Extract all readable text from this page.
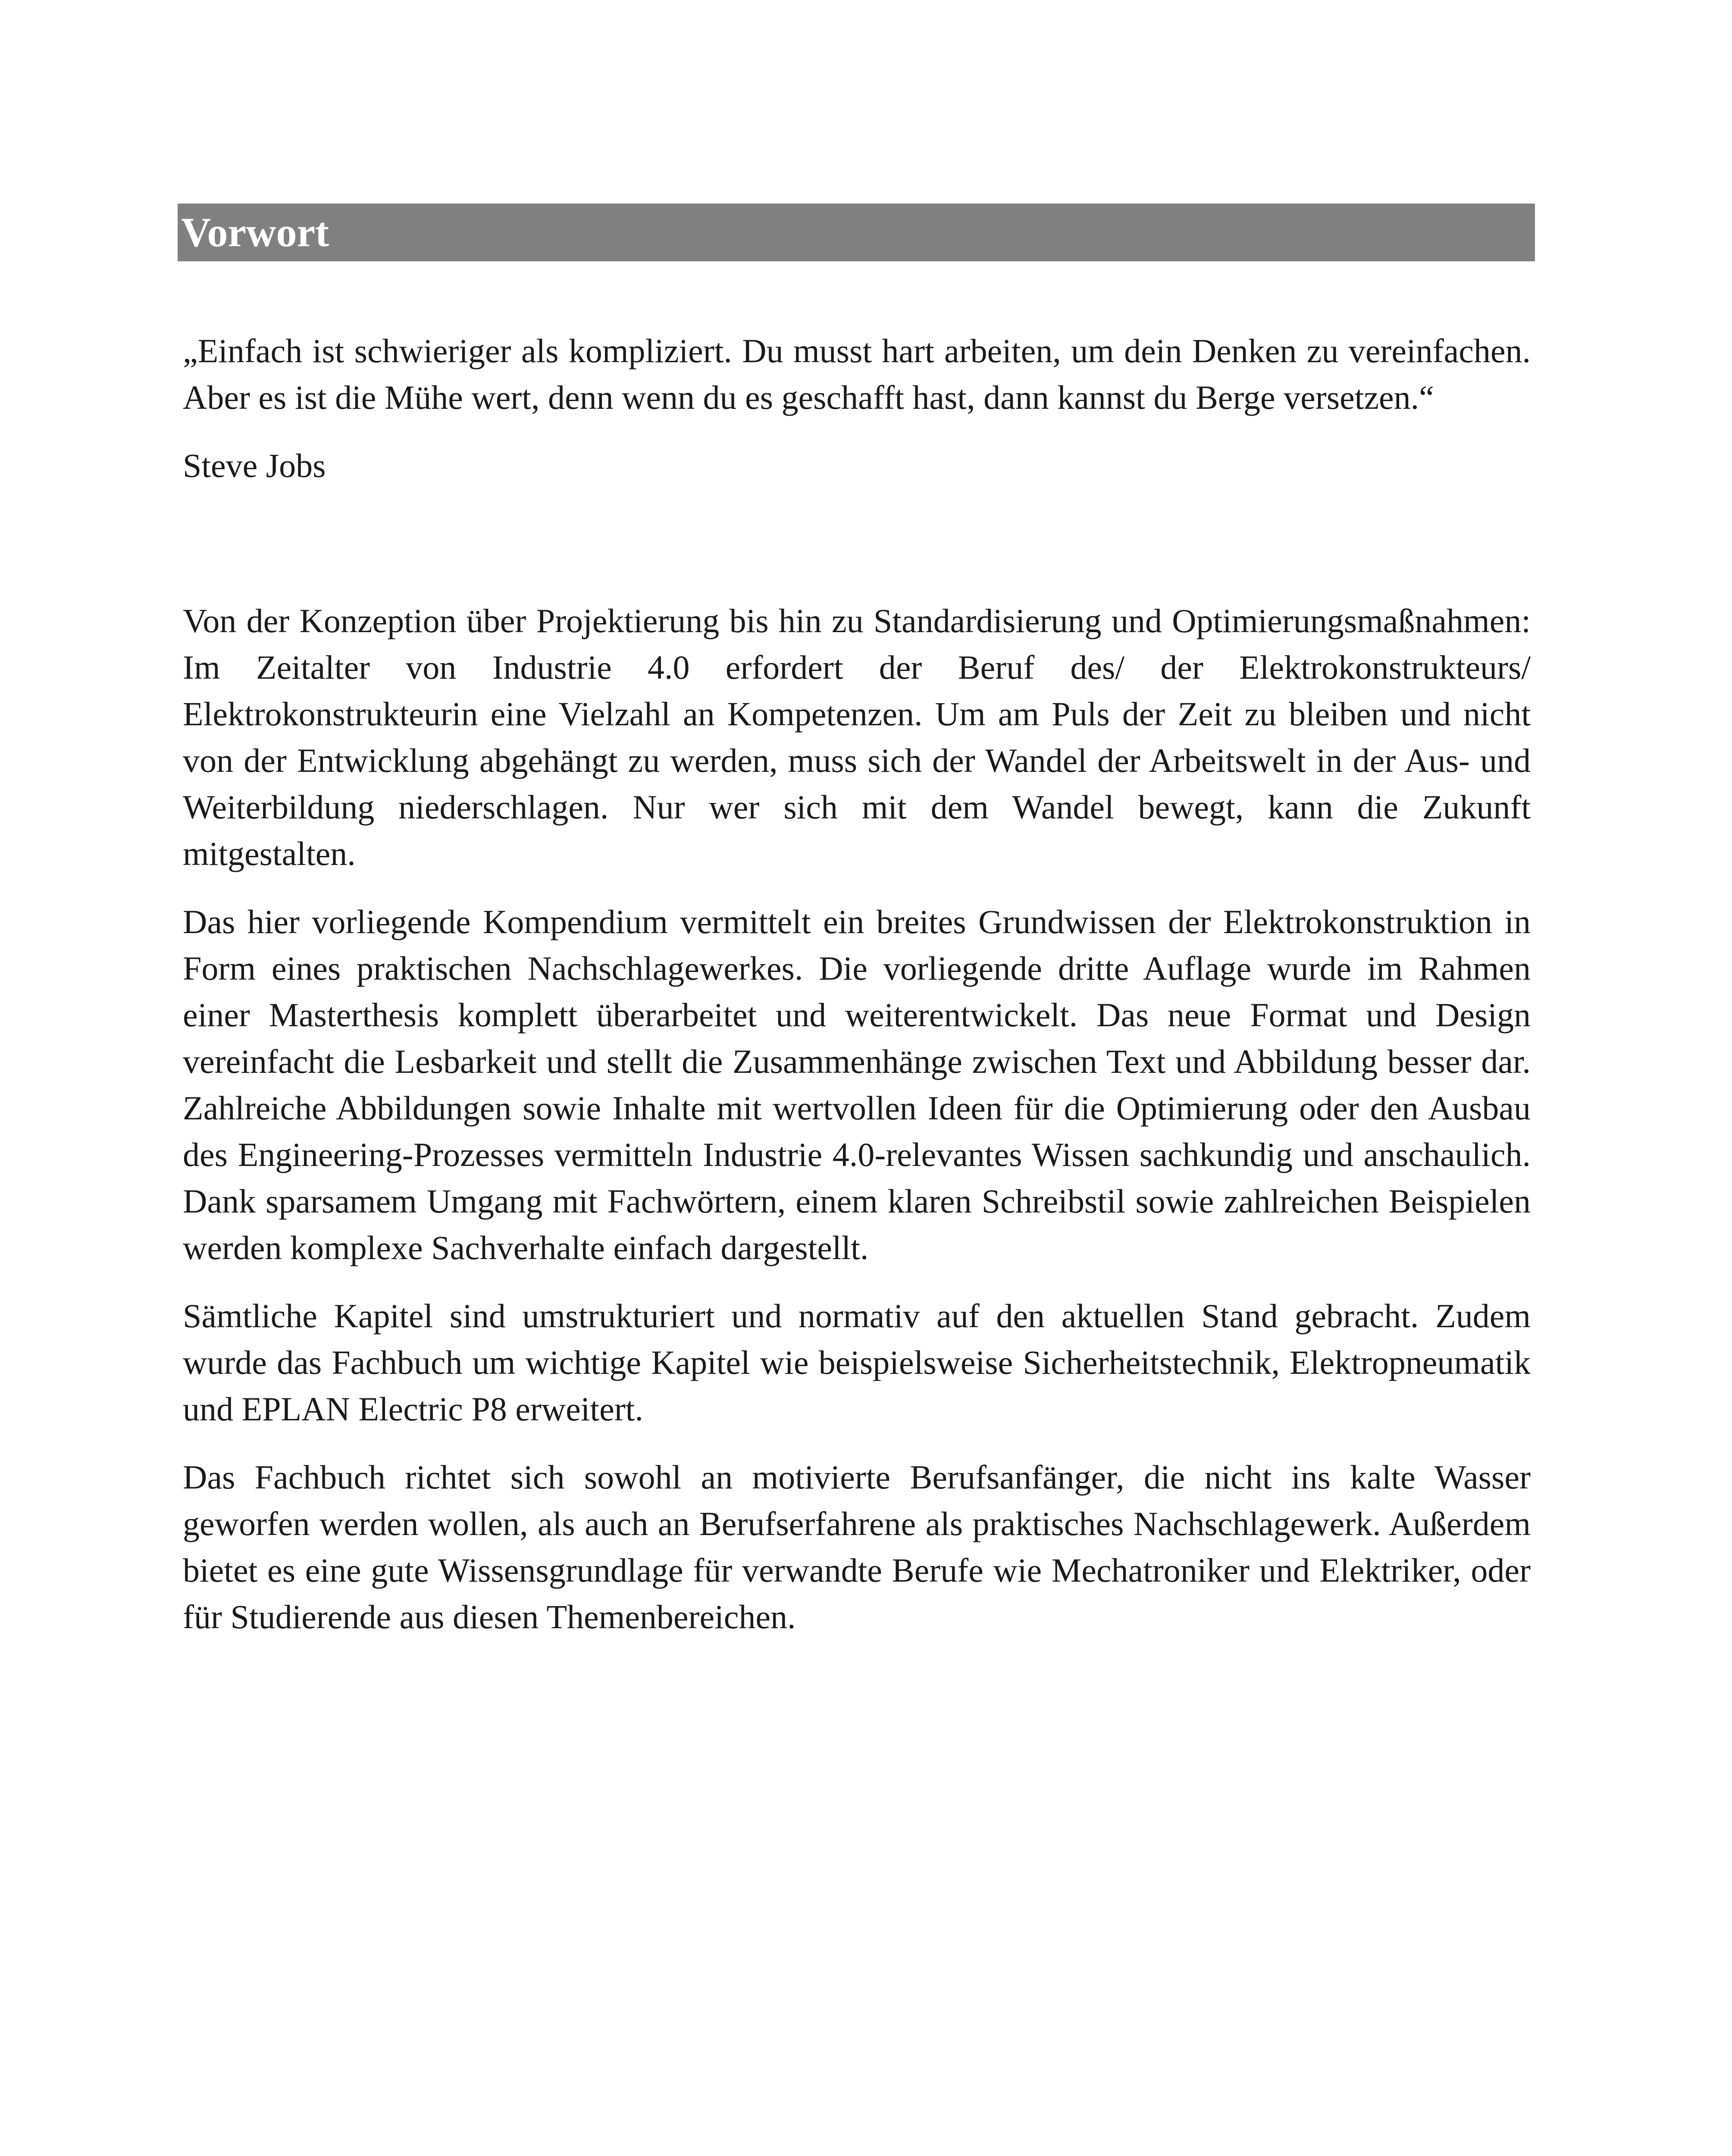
Vorwort

„Einfach ist schwieriger als kompliziert. Du musst hart arbeiten, um dein Denken zu vereinfachen. Aber es ist die Mühe wert, denn wenn du es geschafft hast, dann kannst du Berge versetzen.“

Steve Jobs

Von der Konzeption über Projektierung bis hin zu Standardisierung und Optimierungsmaßnahmen: Im Zeitalter von Industrie 4.0 erfordert der Beruf des/ der Elektrokonstrukteurs/ Elektrokonstrukteurin eine Vielzahl an Kompetenzen. Um am Puls der Zeit zu bleiben und nicht von der Entwicklung abgehängt zu werden, muss sich der Wandel der Arbeitswelt in der Aus- und Weiterbildung niederschlagen. Nur wer sich mit dem Wandel bewegt, kann die Zukunft mitgestalten.

Das hier vorliegende Kompendium vermittelt ein breites Grundwissen der Elektrokonstruktion in Form eines praktischen Nachschlagewerkes. Die vorliegende dritte Auflage wurde im Rahmen einer Masterthesis komplett überarbeitet und weiterentwickelt. Das neue Format und Design vereinfacht die Lesbarkeit und stellt die Zusammenhänge zwischen Text und Abbildung besser dar. Zahlreiche Abbildungen sowie Inhalte mit wertvollen Ideen für die Optimierung oder den Ausbau des Engineering-Prozesses vermitteln Industrie 4.0-relevantes Wissen sachkundig und anschaulich. Dank sparsamem Umgang mit Fachwörtern, einem klaren Schreibstil sowie zahlreichen Beispielen werden komplexe Sachverhalte einfach dargestellt.

Sämtliche Kapitel sind umstrukturiert und normativ auf den aktuellen Stand gebracht. Zudem wurde das Fachbuch um wichtige Kapitel wie beispielsweise Sicherheitstechnik, Elektropneumatik und EPLAN Electric P8 erweitert.

Das Fachbuch richtet sich sowohl an motivierte Berufsanfänger, die nicht ins kalte Wasser geworfen werden wollen, als auch an Berufserfahrene als praktisches Nachschlagewerk. Außerdem bietet es eine gute Wissensgrundlage für verwandte Berufe wie Mechatroniker und Elektriker, oder für Studierende aus diesen Themenbereichen.
